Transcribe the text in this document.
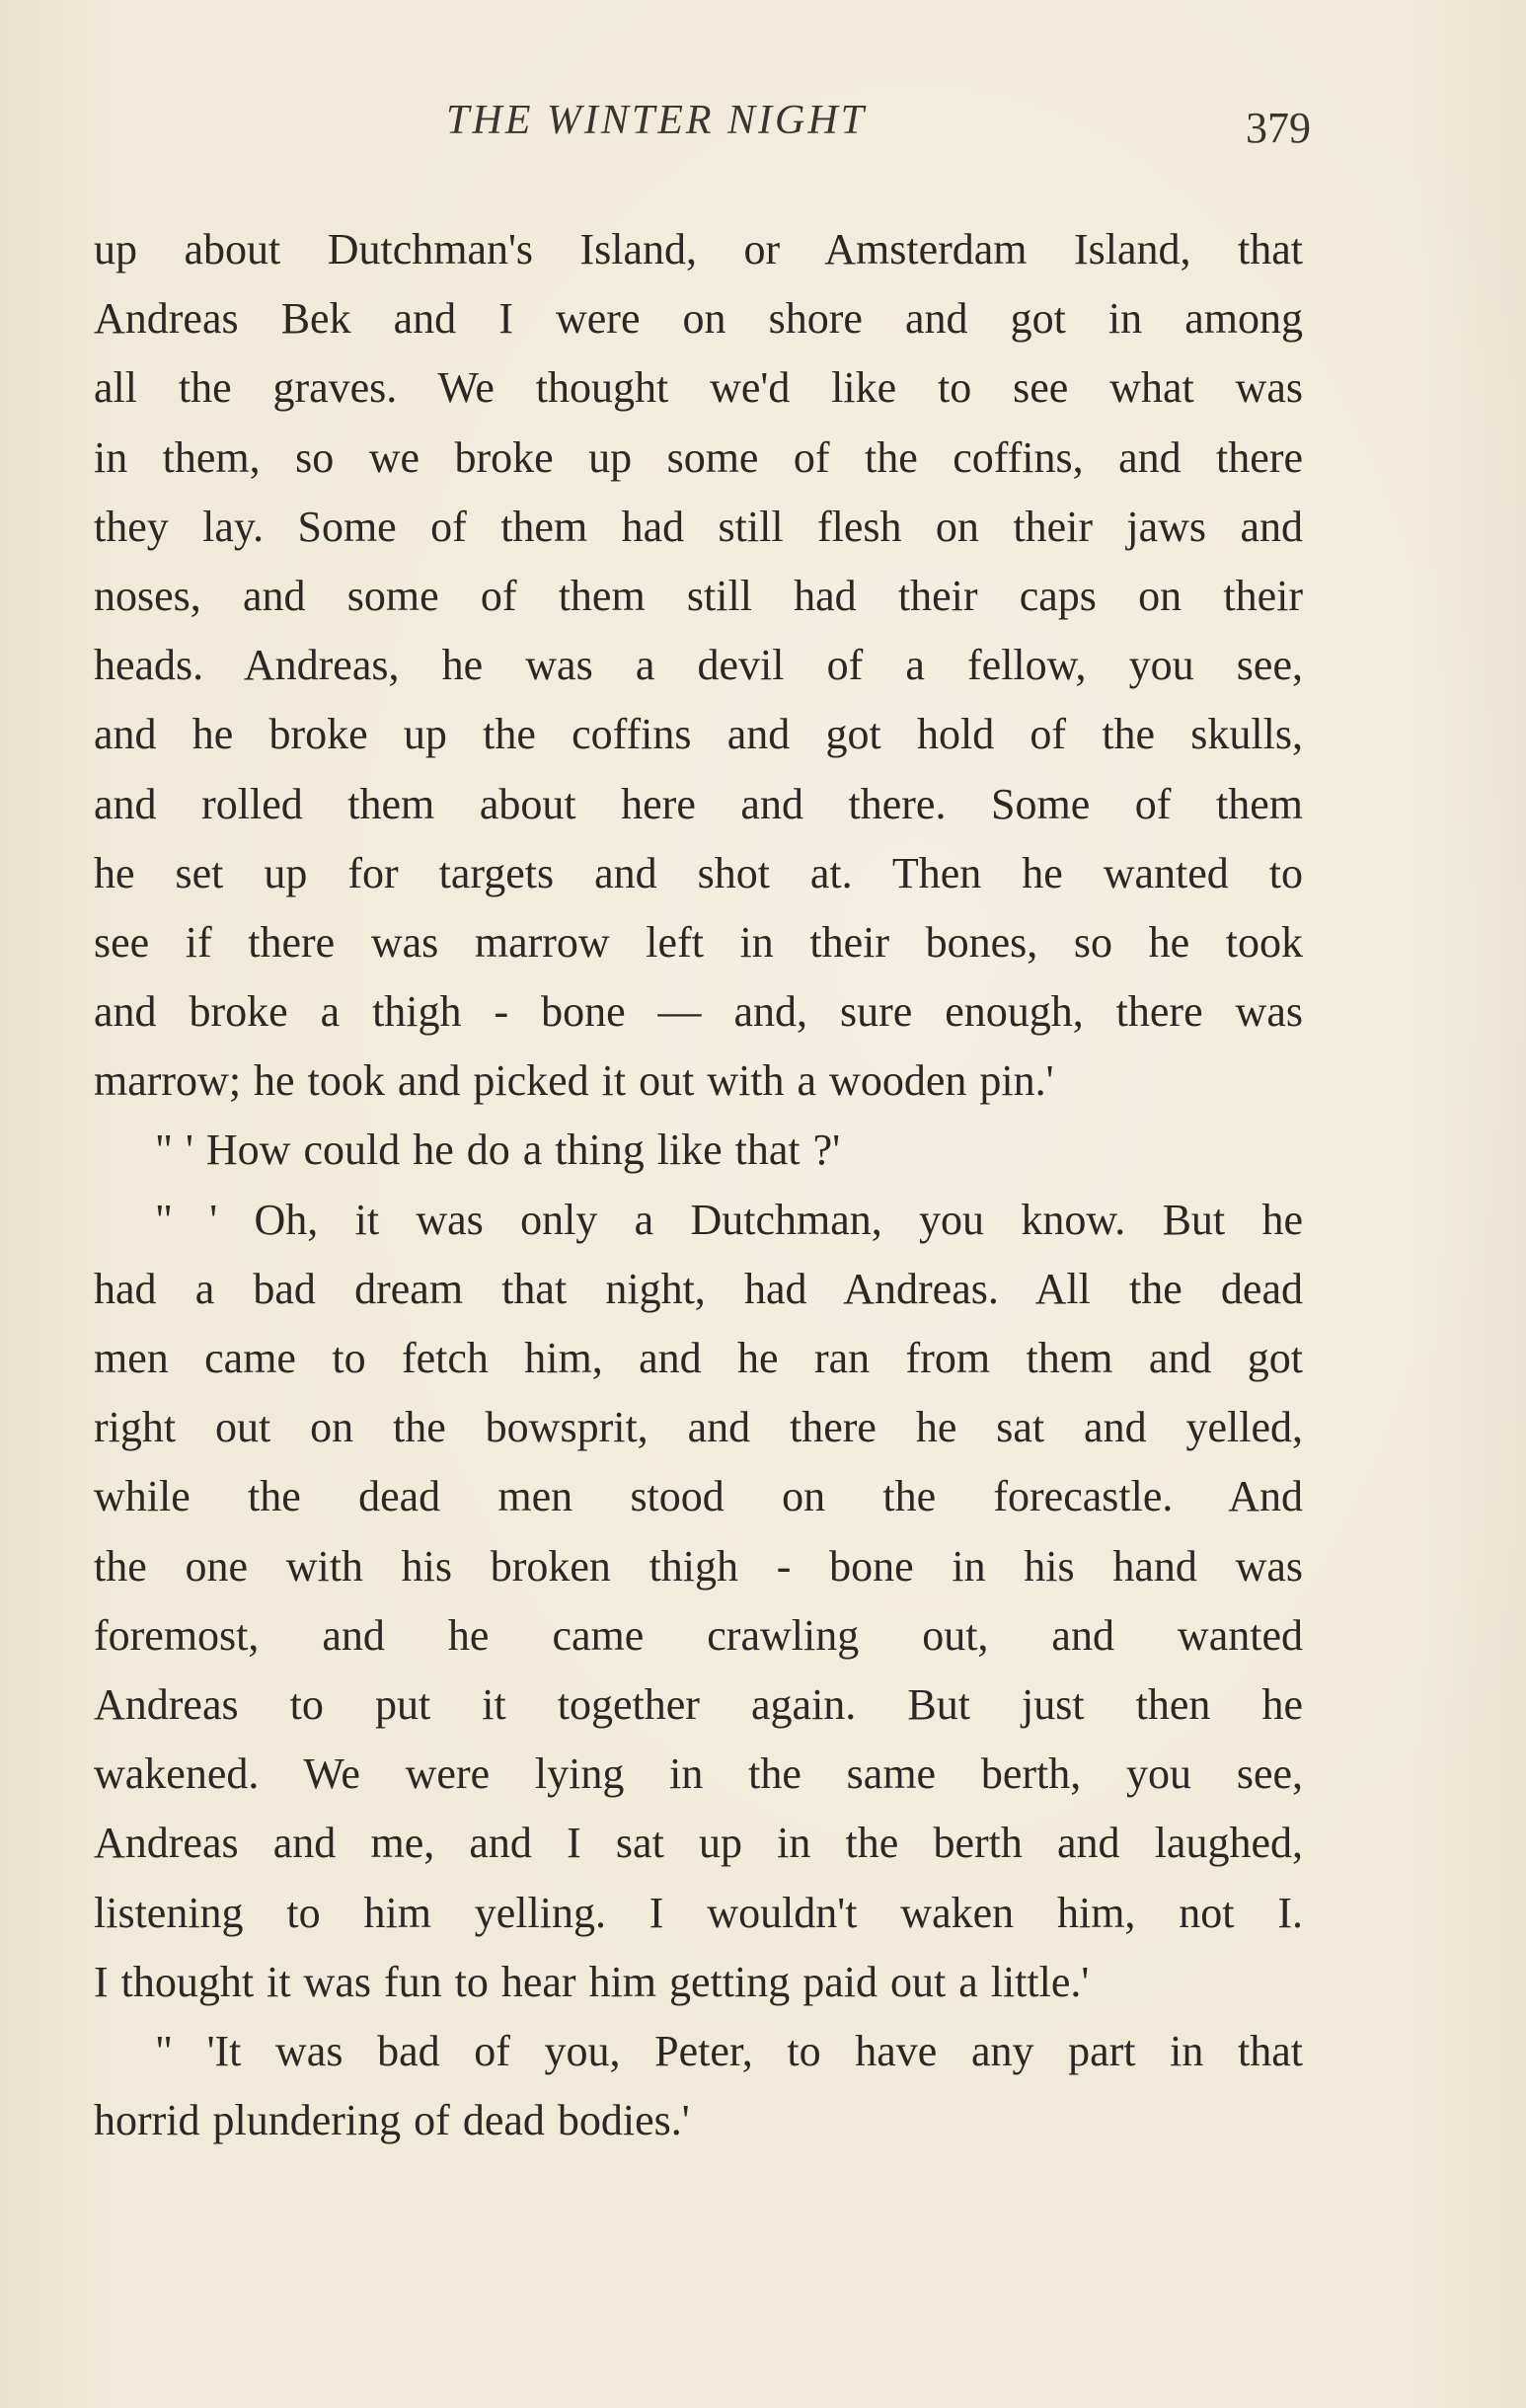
THE WINTER NIGHT	379
up about Dutchman's Island, or Amsterdam Island, that
Andreas Bek and I were on shore and got in among
all the graves. We thought we'd like to see what was
in them, so we broke up some of the coffins, and there
they lay. Some of them had still flesh on their jaws and
noses, and some of them still had their caps on their
heads. Andreas, he was a devil of a fellow, you see,
and he broke up the coffins and got hold of the skulls,
and rolled them about here and there. Some of them
he set up for targets and shot at. Then he wanted to
see if there was marrow left in their bones, so he took
and broke a thigh - bone — and, sure enough, there was
marrow; he took and picked it out with a wooden pin.'
" ' How could he do a thing like that ?'
" ' Oh, it was only a Dutchman, you know. But he
had a bad dream that night, had Andreas. All the dead
men came to fetch him, and he ran from them and got
right out on the bowsprit, and there he sat and yelled,
while the dead men stood on the forecastle. And
the one with his broken thigh - bone in his hand was
foremost, and he came crawling out, and wanted
Andreas to put it together again. But just then he
wakened. We were lying in the same berth, you see,
Andreas and me, and I sat up in the berth and laughed,
listening to him yelling. I wouldn't waken him, not I.
I thought it was fun to hear him getting paid out a little.'
" 'It was bad of you, Peter, to have any part in that
horrid plundering of dead bodies.'
